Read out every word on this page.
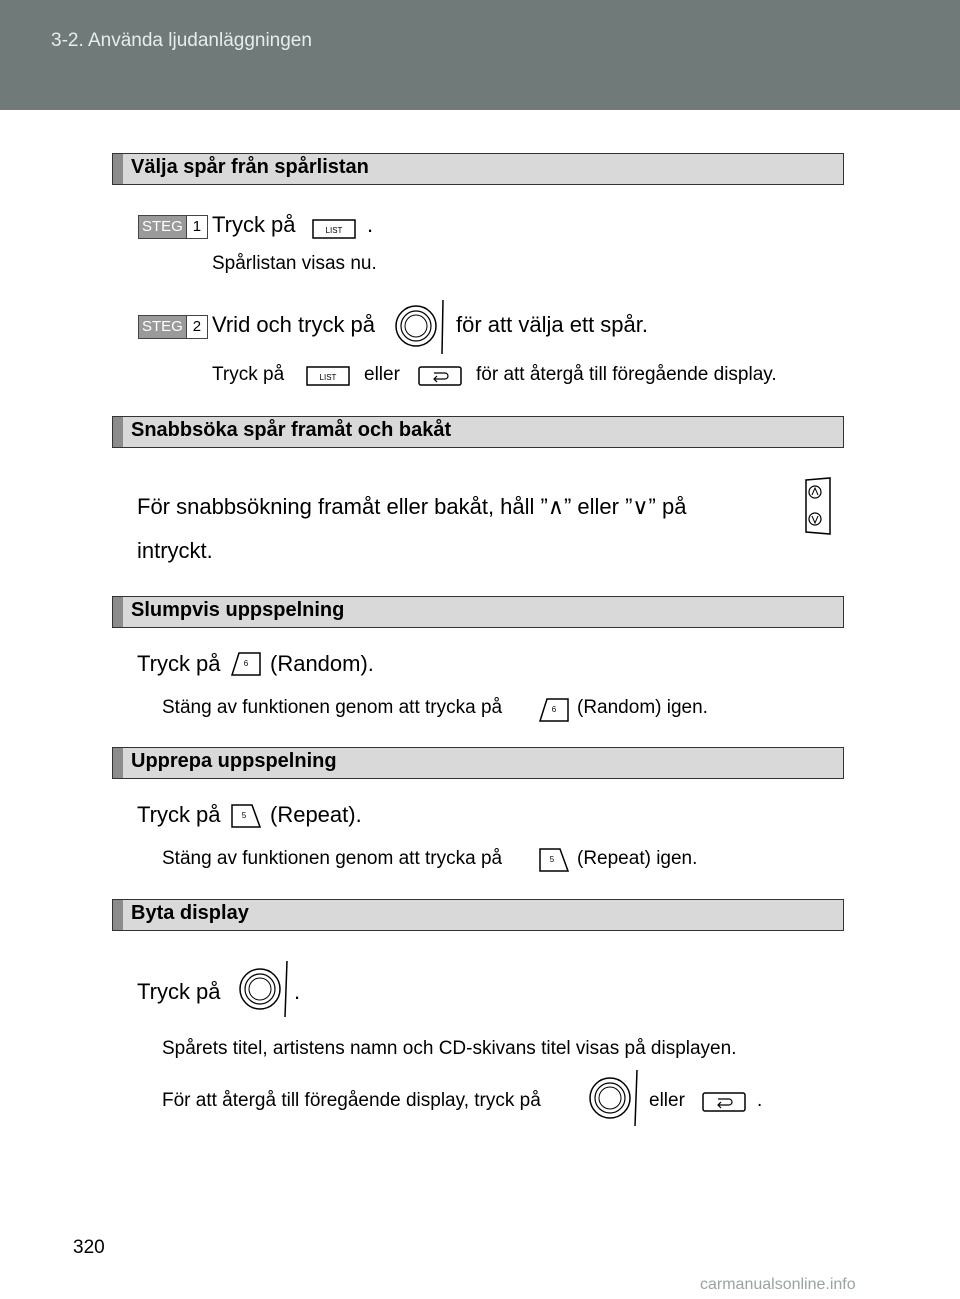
3-2. Använda ljudanläggningen
Välja spår från spårlistan
STEG 1 Tryck på	LIST .
Spårlistan visas nu.
STEG 2 Vrid och tryck på	för att välja ett spår.
Tryck på	LIST eller	för att återgå till föregående display.
Snabbsöka spår framåt och bakåt
För snabbsökning framåt eller bakåt, håll ”∧” eller ”∨” på
intryckt.
Slumpvis uppspelning
Tryck på	6 (Random).
Stäng av funktionen genom att trycka på	6 (Random) igen.
Upprepa uppspelning
Tryck på	5 (Repeat).
Stäng av funktionen genom att trycka på	5 (Repeat) igen.
Byta display
Tryck på	.
Spårets titel, artistens namn och CD-skivans titel visas på displayen.
För att återgå till föregående display, tryck på	eller	.
320
carmanualsonline.info
